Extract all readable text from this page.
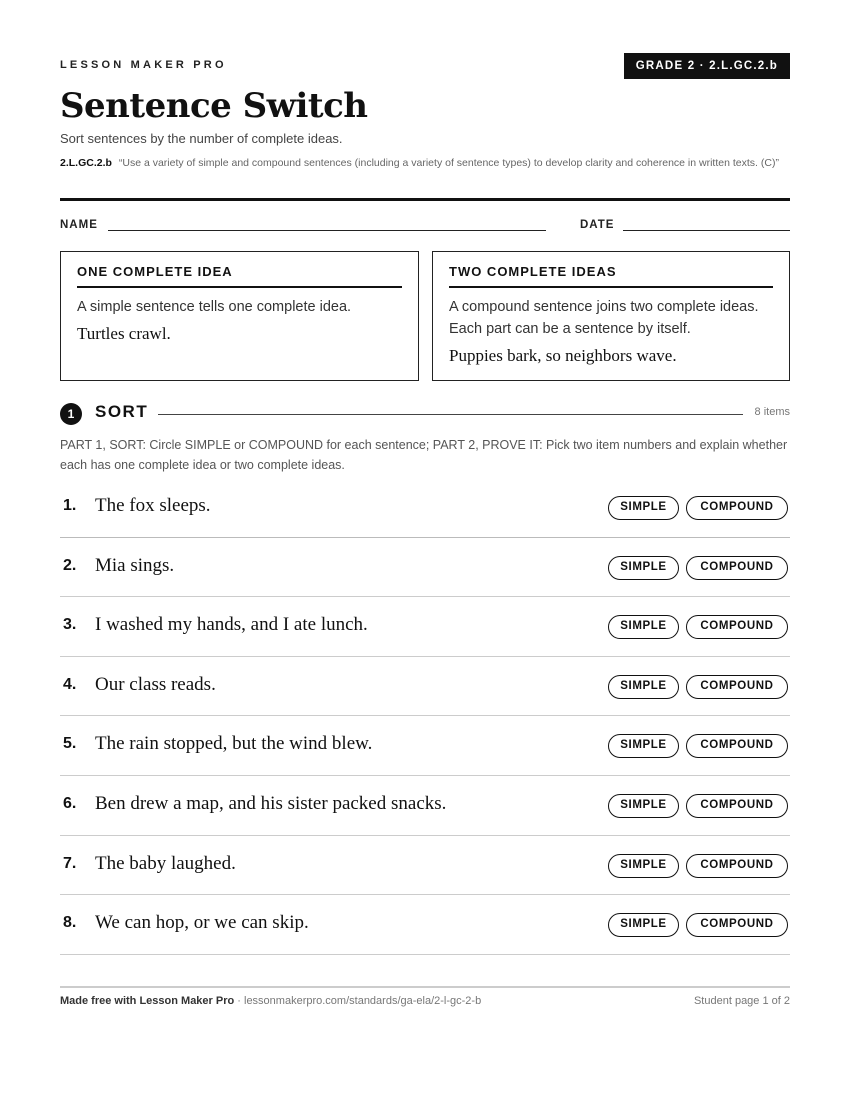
LESSON MAKER PRO	GRADE 2 · 2.L.GC.2.b
Sentence Switch
Sort sentences by the number of complete ideas.
2.L.GC.2.b “Use a variety of simple and compound sentences (including a variety of sentence types) to develop clarity and coherence in written texts. (C)”
NAME	DATE
ONE COMPLETE IDEA
A simple sentence tells one complete idea.
Turtles crawl.
TWO COMPLETE IDEAS
A compound sentence joins two complete ideas. Each part can be a sentence by itself.
Puppies bark, so neighbors wave.
1	SORT	8 items
PART 1, SORT: Circle SIMPLE or COMPOUND for each sentence; PART 2, PROVE IT: Pick two item numbers and explain whether each has one complete idea or two complete ideas.
1. The fox sleeps.	SIMPLE	COMPOUND
2. Mia sings.	SIMPLE	COMPOUND
3. I washed my hands, and I ate lunch.	SIMPLE	COMPOUND
4. Our class reads.	SIMPLE	COMPOUND
5. The rain stopped, but the wind blew.	SIMPLE	COMPOUND
6. Ben drew a map, and his sister packed snacks.	SIMPLE	COMPOUND
7. The baby laughed.	SIMPLE	COMPOUND
8. We can hop, or we can skip.	SIMPLE	COMPOUND
Made free with Lesson Maker Pro · lessonmakerpro.com/standards/ga-ela/2-l-gc-2-b	Student page 1 of 2
